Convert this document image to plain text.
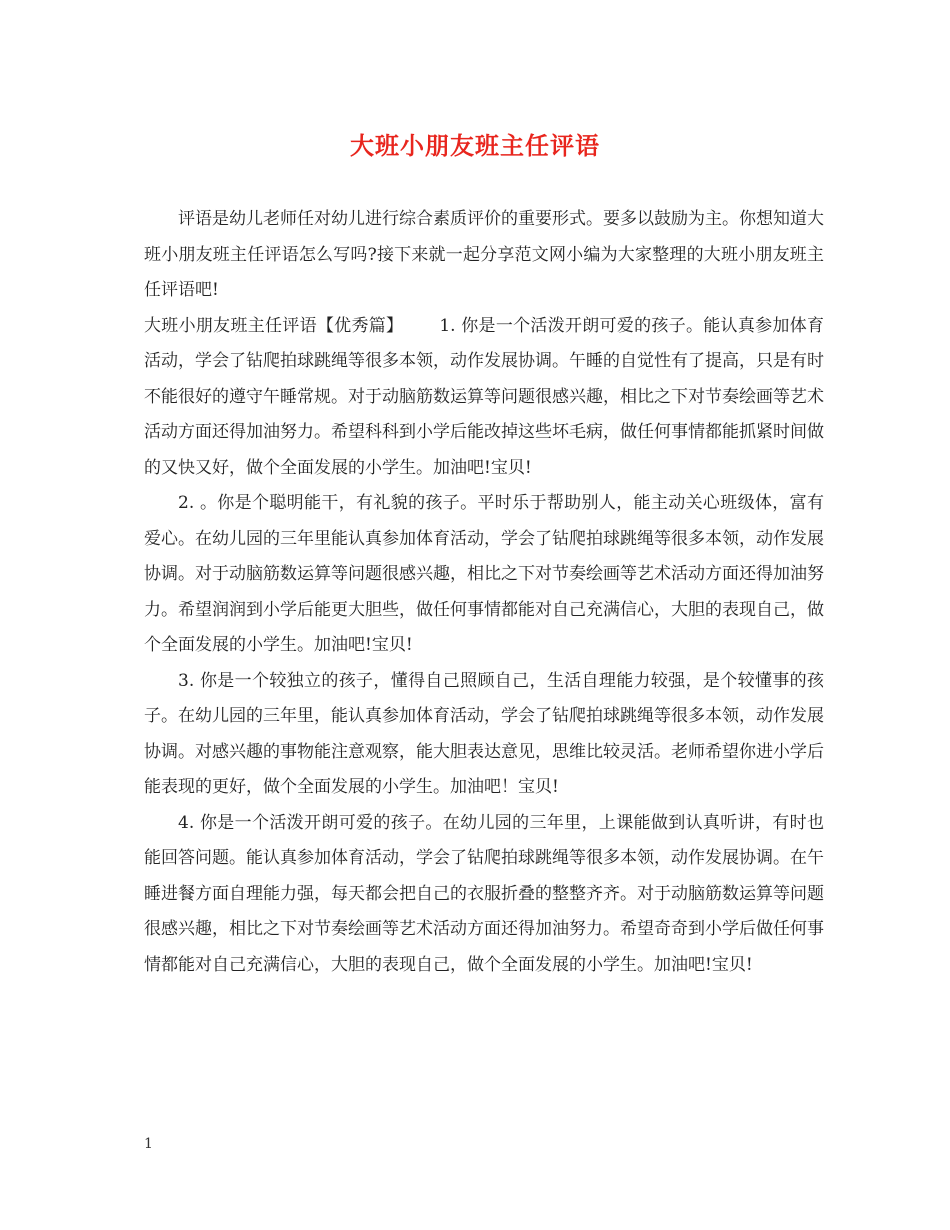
大班小朋友班主任评语

评语是幼儿老师任对幼儿进行综合素质评价的重要形式。要多以鼓励为主。你想知道大班小朋友班主任评语怎么写吗?接下来就一起分享范文网小编为大家整理的大班小朋友班主任评语吧!

大班小朋友班主任评语【优秀篇】 1. 你是一个活泼开朗可爱的孩子。能认真参加体育活动，学会了钻爬拍球跳绳等很多本领，动作发展协调。午睡的自觉性有了提高，只是有时不能很好的遵守午睡常规。对于动脑筋数运算等问题很感兴趣，相比之下对节奏绘画等艺术活动方面还得加油努力。希望科科到小学后能改掉这些坏毛病，做任何事情都能抓紧时间做的又快又好，做个全面发展的小学生。加油吧!宝贝!

2. 。你是个聪明能干，有礼貌的孩子。平时乐于帮助别人，能主动关心班级体，富有爱心。在幼儿园的三年里能认真参加体育活动，学会了钻爬拍球跳绳等很多本领，动作发展协调。对于动脑筋数运算等问题很感兴趣，相比之下对节奏绘画等艺术活动方面还得加油努力。希望润润到小学后能更大胆些，做任何事情都能对自己充满信心，大胆的表现自己，做个全面发展的小学生。加油吧!宝贝!

3. 你是一个较独立的孩子，懂得自己照顾自己，生活自理能力较强，是个较懂事的孩子。在幼儿园的三年里，能认真参加体育活动，学会了钻爬拍球跳绳等很多本领，动作发展协调。对感兴趣的事物能注意观察，能大胆表达意见，思维比较灵活。老师希望你进小学后能表现的更好，做个全面发展的小学生。加油吧！宝贝!

4. 你是一个活泼开朗可爱的孩子。在幼儿园的三年里，上课能做到认真听讲，有时也能回答问题。能认真参加体育活动，学会了钻爬拍球跳绳等很多本领，动作发展协调。在午睡进餐方面自理能力强，每天都会把自己的衣服折叠的整整齐齐。对于动脑筋数运算等问题很感兴趣，相比之下对节奏绘画等艺术活动方面还得加油努力。希望奇奇到小学后做任何事情都能对自己充满信心，大胆的表现自己，做个全面发展的小学生。加油吧!宝贝!

1
